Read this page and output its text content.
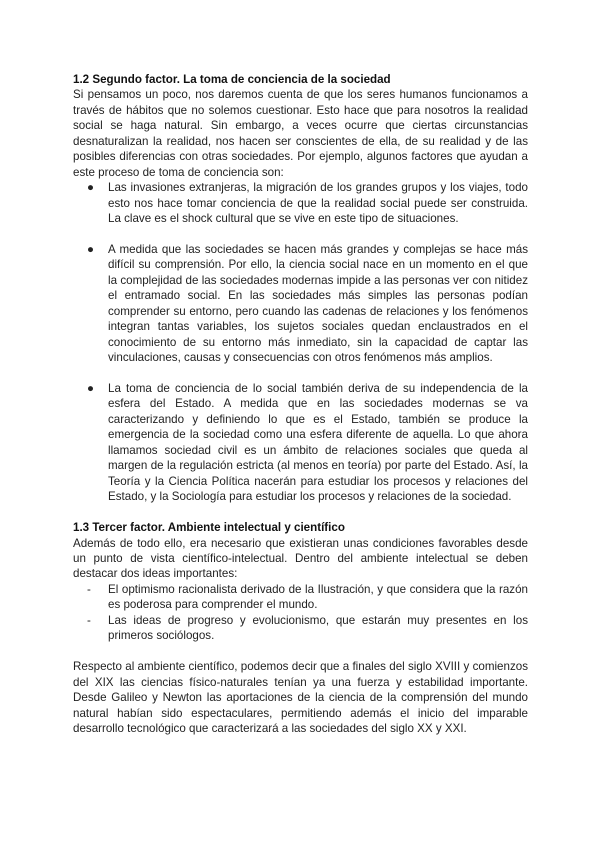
1.2 Segundo factor. La toma de conciencia de la sociedad

Si pensamos un poco, nos daremos cuenta de que los seres humanos funcionamos a través de hábitos que no solemos cuestionar. Esto hace que para nosotros la realidad social se haga natural. Sin embargo, a veces ocurre que ciertas circunstancias desnaturalizan la realidad, nos hacen ser conscientes de ella, de su realidad y de las posibles diferencias con otras sociedades. Por ejemplo, algunos factores que ayudan a este proceso de toma de conciencia son:

● Las invasiones extranjeras, la migración de los grandes grupos y los viajes, todo esto nos hace tomar conciencia de que la realidad social puede ser construida. La clave es el shock cultural que se vive en este tipo de situaciones.
● A medida que las sociedades se hacen más grandes y complejas se hace más difícil su comprensión. Por ello, la ciencia social nace en un momento en el que la complejidad de las sociedades modernas impide a las personas ver con nitidez el entramado social. En las sociedades más simples las personas podían comprender su entorno, pero cuando las cadenas de relaciones y los fenómenos integran tantas variables, los sujetos sociales quedan enclaustrados en el conocimiento de su entorno más inmediato, sin la capacidad de captar las vinculaciones, causas y consecuencias con otros fenómenos más amplios.
● La toma de conciencia de lo social también deriva de su independencia de la esfera del Estado. A medida que en las sociedades modernas se va caracterizando y definiendo lo que es el Estado, también se produce la emergencia de la sociedad como una esfera diferente de aquella. Lo que ahora llamamos sociedad civil es un ámbito de relaciones sociales que queda al margen de la regulación estricta (al menos en teoría) por parte del Estado. Así, la Teoría y la Ciencia Política nacerán para estudiar los procesos y relaciones del Estado, y la Sociología para estudiar los procesos y relaciones de la sociedad.
1.3 Tercer factor. Ambiente intelectual y científico

Además de todo ello, era necesario que existieran unas condiciones favorables desde un punto de vista científico-intelectual. Dentro del ambiente intelectual se deben destacar dos ideas importantes:

- El optimismo racionalista derivado de la Ilustración, y que considera que la razón es poderosa para comprender el mundo.
- Las ideas de progreso y evolucionismo, que estarán muy presentes en los primeros sociólogos.

Respecto al ambiente científico, podemos decir que a finales del siglo XVIII y comienzos del XIX las ciencias físico-naturales tenían ya una fuerza y estabilidad importante. Desde Galileo y Newton las aportaciones de la ciencia de la comprensión del mundo natural habían sido espectaculares, permitiendo además el inicio del imparable desarrollo tecnológico que caracterizará a las sociedades del siglo XX y XXI.
